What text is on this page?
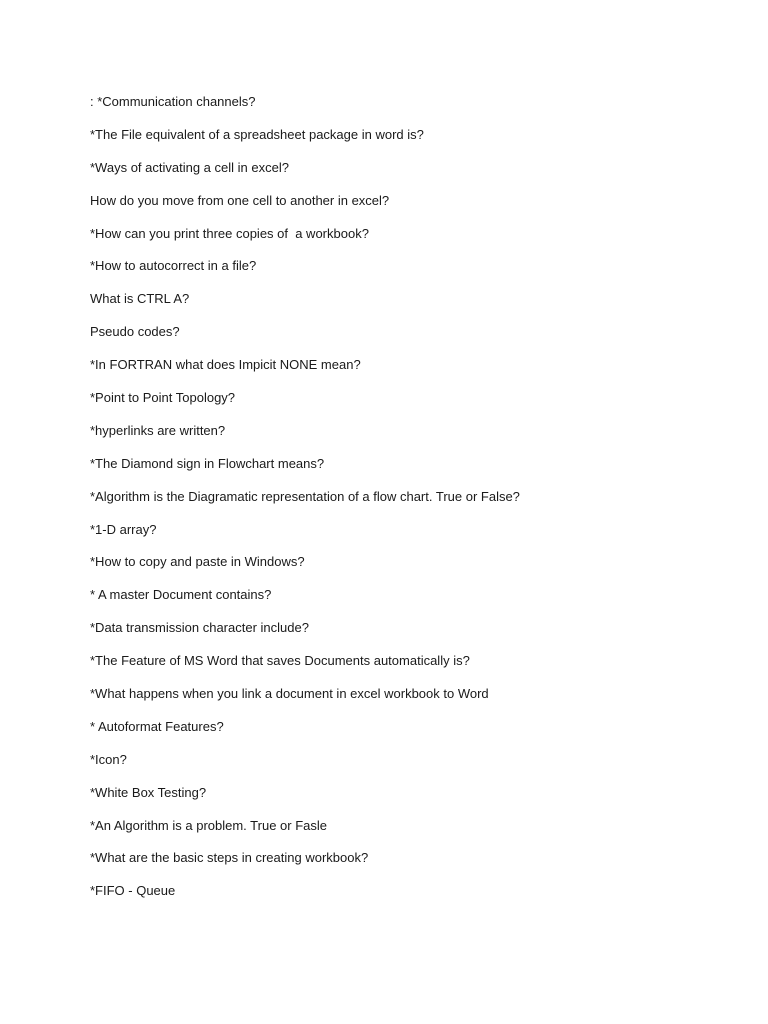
: *Communication channels?
*The File equivalent of a spreadsheet package in word is?
*Ways of activating a cell in excel?
How do you move from one cell to another in excel?
*How can you print three copies of  a workbook?
*How to autocorrect in a file?
What is CTRL A?
Pseudo codes?
*In FORTRAN what does Impicit NONE mean?
*Point to Point Topology?
*hyperlinks are written?
*The Diamond sign in Flowchart means?
*Algorithm is the Diagramatic representation of a flow chart. True or False?
*1-D array?
*How to copy and paste in Windows?
* A master Document contains?
*Data transmission character include?
*The Feature of MS Word that saves Documents automatically is?
*What happens when you link a document in excel workbook to Word
* Autoformat Features?
*Icon?
*White Box Testing?
*An Algorithm is a problem. True or Fasle
*What are the basic steps in creating workbook?
*FIFO - Queue
